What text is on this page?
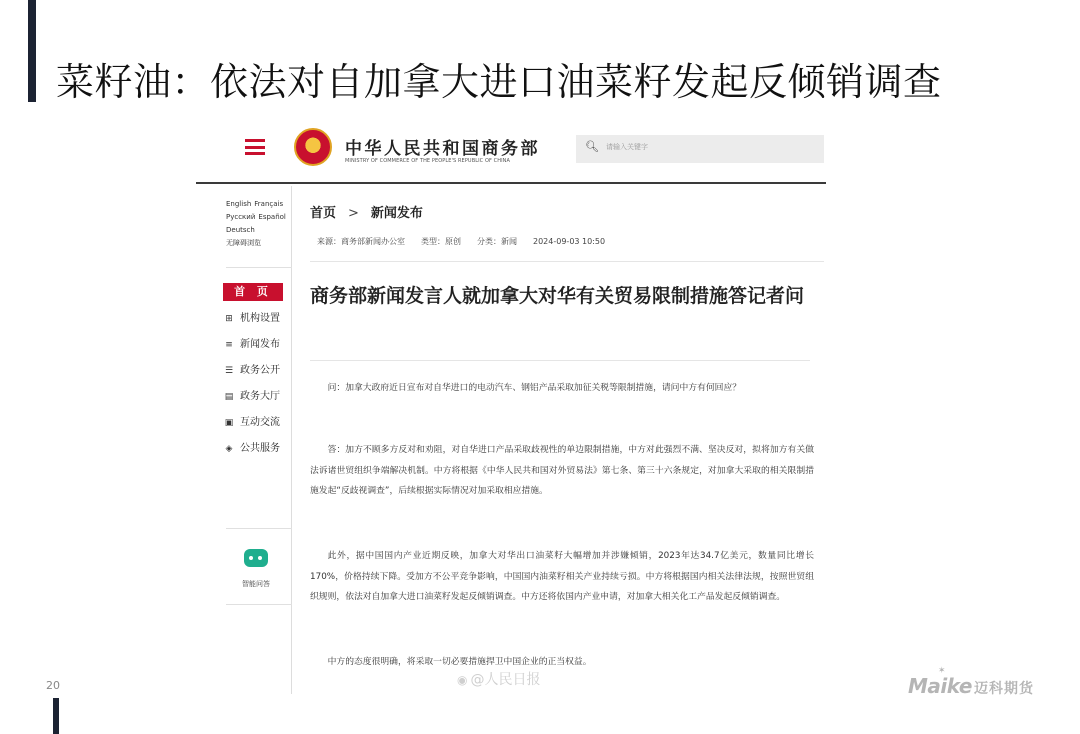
菜籽油：依法对自加拿大进口油菜籽发起反倾销调查
中华人民共和国商务部
MINISTRY OF COMMERCE OF THE PEOPLE'S REPUBLIC OF CHINA
🔍︎
请输入关键字
English Français
Русский Español
Deutsch
无障碍浏览
首 页
⊞ 机构设置
≡ 新闻发布
☰ 政务公开
▤ 政务大厅
▣ 互动交流
◈ 公共服务
智能问答
首页 > 新闻发布
来源：商务部新闻办公室 类型：原创 分类：新闻 2024-09-03 10:50
商务部新闻发言人就加拿大对华有关贸易限制措施答记者问

问：加拿大政府近日宣布对自华进口的电动汽车、钢铝产品采取加征关税等限制措施，请问中方有何回应？

答：加方不顾多方反对和劝阻，对自华进口产品采取歧视性的单边限制措施，中方对此强烈不满、坚决反对，拟将加方有关做法诉诸世贸组织争端解决机制。中方将根据《中华人民共和国对外贸易法》第七条、第三十六条规定，对加拿大采取的相关限制措施发起“反歧视调查”，后续根据实际情况对加采取相应措施。

此外，据中国国内产业近期反映，加拿大对华出口油菜籽大幅增加并涉嫌倾销，2023年达34.7亿美元，数量同比增长170%，价格持续下降。受加方不公平竞争影响，中国国内油菜籽相关产业持续亏损。中方将根据国内相关法律法规，按照世贸组织规则，依法对自加拿大进口油菜籽发起反倾销调查。中方还将依国内产业申请，对加拿大相关化工产品发起反倾销调查。

中方的态度很明确，将采取一切必要措施捍卫中国企业的正当权益。

◉ @人民日报
20
✶
Maike 迈科期货
